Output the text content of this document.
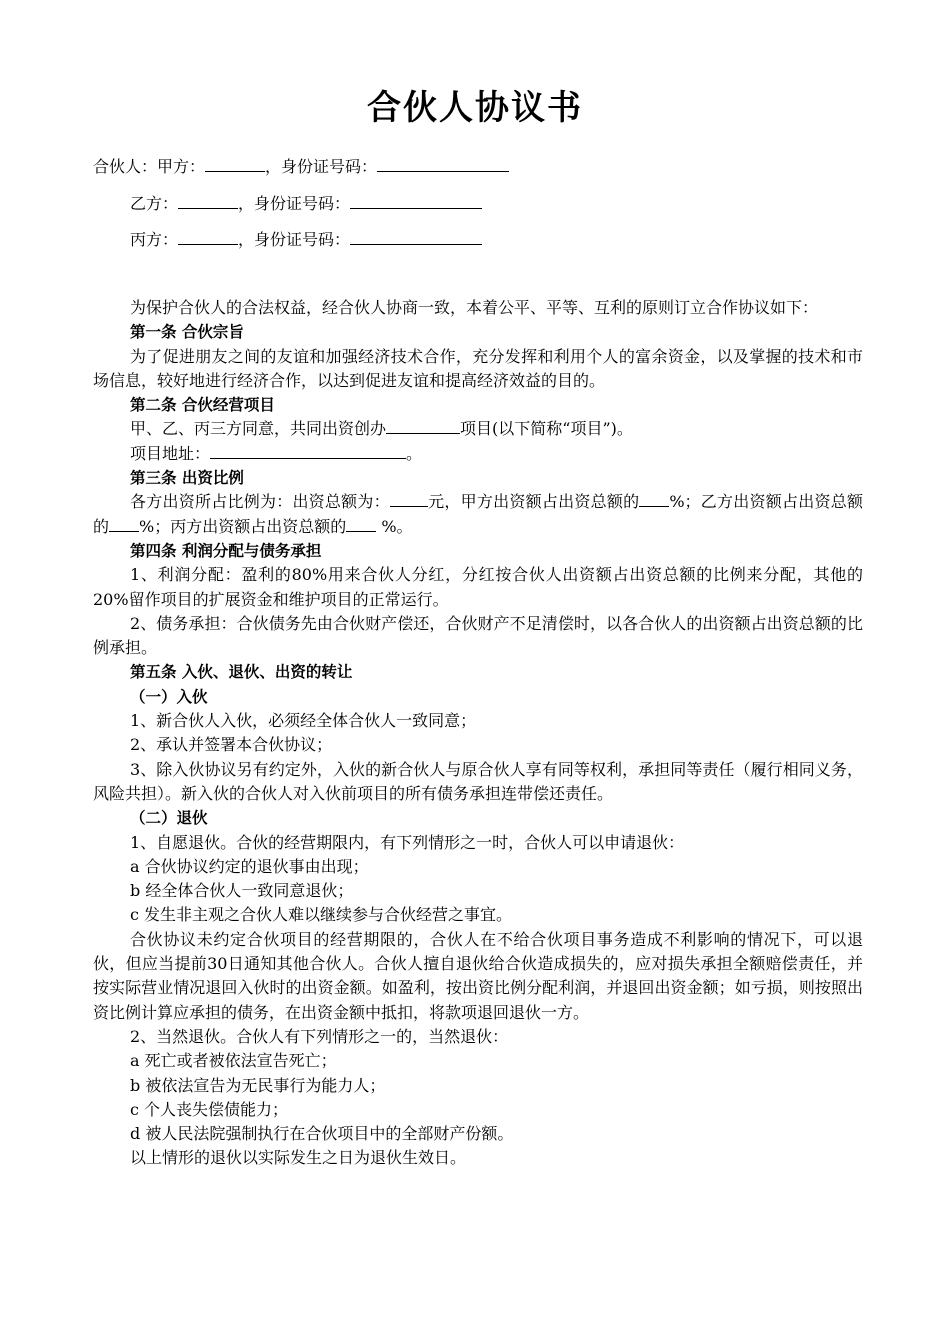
合伙人协议书
合伙人：甲方：	，身份证号码：
乙方：	，身份证号码：
丙方：	，身份证号码：

为保护合伙人的合法权益，经合伙人协商一致，本着公平、平等、互利的原则订立合作协议如下：

第一条 合伙宗旨

为了促进朋友之间的友谊和加强经济技术合作，充分发挥和利用个人的富余资金，以及掌握的技术和市场信息，较好地进行经济合作，以达到促进友谊和提高经济效益的目的。

第二条 合伙经营项目

甲、乙、丙三方同意，共同出资创办	项目(以下简称“项目”)。

项目地址：	。

第三条 出资比例

各方出资所占比例为：出资总额为： 元，甲方出资额占出资总额的 %；乙方出资额占出资总额的 %；丙方出资额占出资总额的 %。

第四条 利润分配与债务承担

1、利润分配：盈利的80%用来合伙人分红，分红按合伙人出资额占出资总额的比例来分配，其他的20%留作项目的扩展资金和维护项目的正常运行。

2、债务承担：合伙债务先由合伙财产偿还，合伙财产不足清偿时，以各合伙人的出资额占出资总额的比例承担。

第五条 入伙、退伙、出资的转让

（一）入伙

1、新合伙人入伙，必须经全体合伙人一致同意；

2、承认并签署本合伙协议；

3、除入伙协议另有约定外，入伙的新合伙人与原合伙人享有同等权利，承担同等责任（履行相同义务，风险共担）。新入伙的合伙人对入伙前项目的所有债务承担连带偿还责任。

（二）退伙

1、自愿退伙。合伙的经营期限内，有下列情形之一时，合伙人可以申请退伙：

a 合伙协议约定的退伙事由出现；

b 经全体合伙人一致同意退伙；

c 发生非主观之合伙人难以继续参与合伙经营之事宜。

合伙协议未约定合伙项目的经营期限的，合伙人在不给合伙项目事务造成不利影响的情况下，可以退伙，但应当提前30日通知其他合伙人。合伙人擅自退伙给合伙造成损失的，应对损失承担全额赔偿责任，并按实际营业情况退回入伙时的出资金额。如盈利，按出资比例分配利润，并退回出资金额；如亏损，则按照出资比例计算应承担的债务，在出资金额中抵扣，将款项退回退伙一方。

2、当然退伙。合伙人有下列情形之一的，当然退伙：

a 死亡或者被依法宣告死亡；

b 被依法宣告为无民事行为能力人；

c 个人丧失偿债能力；

d 被人民法院强制执行在合伙项目中的全部财产份额。

以上情形的退伙以实际发生之日为退伙生效日。
